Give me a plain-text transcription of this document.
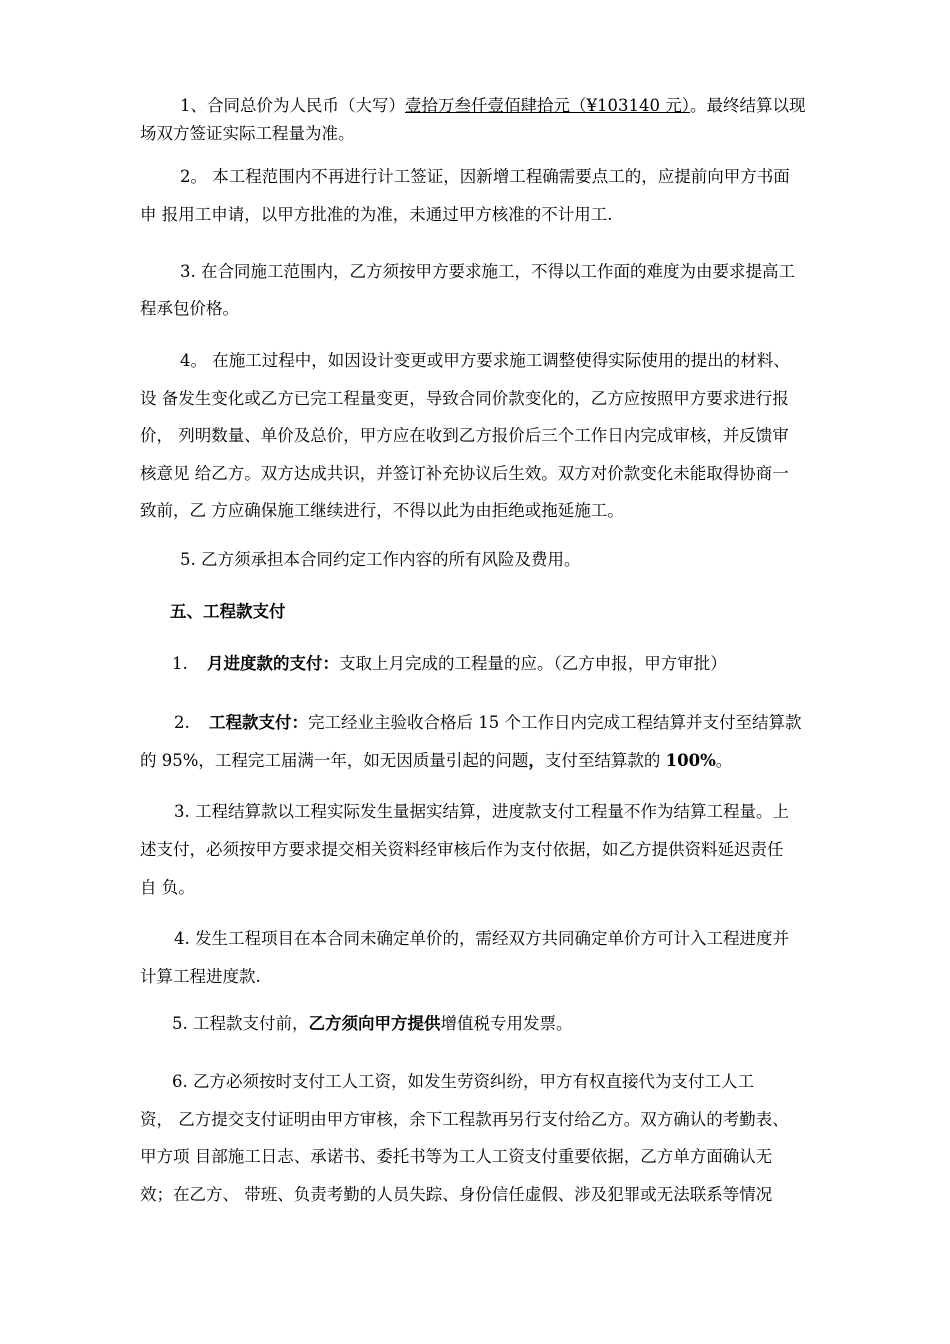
1、合同总价为人民币（大写）壹拾万叁仟壹佰肆拾元（¥103140 元）。最终结算以现
场双方签证实际工程量为准。

2。 本工程范围内不再进行计工签证，因新增工程确需要点工的，应提前向甲方书面
申 报用工申请，以甲方批准的为准，未通过甲方核准的不计用工.

3. 在合同施工范围内，乙方须按甲方要求施工，不得以工作面的难度为由要求提高工
程承包价格。

4。 在施工过程中，如因设计变更或甲方要求施工调整使得实际使用的提出的材料、
设 备发生变化或乙方已完工程量变更，导致合同价款变化的，乙方应按照甲方要求进行报
价， 列明数量、单价及总价，甲方应在收到乙方报价后三个工作日内完成审核，并反馈审
核意见 给乙方。双方达成共识，并签订补充协议后生效。双方对价款变化未能取得协商一
致前，乙 方应确保施工继续进行，不得以此为由拒绝或拖延施工。

5. 乙方须承担本合同约定工作内容的所有风险及费用。

五、工程款支付

1. 月进度款的支付：支取上月完成的工程量的应。（乙方申报，甲方审批）

2. 工程款支付：完工经业主验收合格后 15 个工作日内完成工程结算并支付至结算款
的 95%，工程完工届满一年，如无因质量引起的问题，支付至结算款的 100%。

3. 工程结算款以工程实际发生量据实结算，进度款支付工程量不作为结算工程量。上
述支付，必须按甲方要求提交相关资料经审核后作为支付依据，如乙方提供资料延迟责任
自 负。

4. 发生工程项目在本合同未确定单价的，需经双方共同确定单价方可计入工程进度并
计算工程进度款.

5. 工程款支付前，乙方须向甲方提供增值税专用发票。

6. 乙方必须按时支付工人工资，如发生劳资纠纷，甲方有权直接代为支付工人工
资， 乙方提交支付证明由甲方审核，余下工程款再另行支付给乙方。双方确认的考勤表、
甲方项 目部施工日志、承诺书、委托书等为工人工资支付重要依据，乙方单方面确认无
效；在乙方、 带班、负责考勤的人员失踪、身份信任虚假、涉及犯罪或无法联系等情况
